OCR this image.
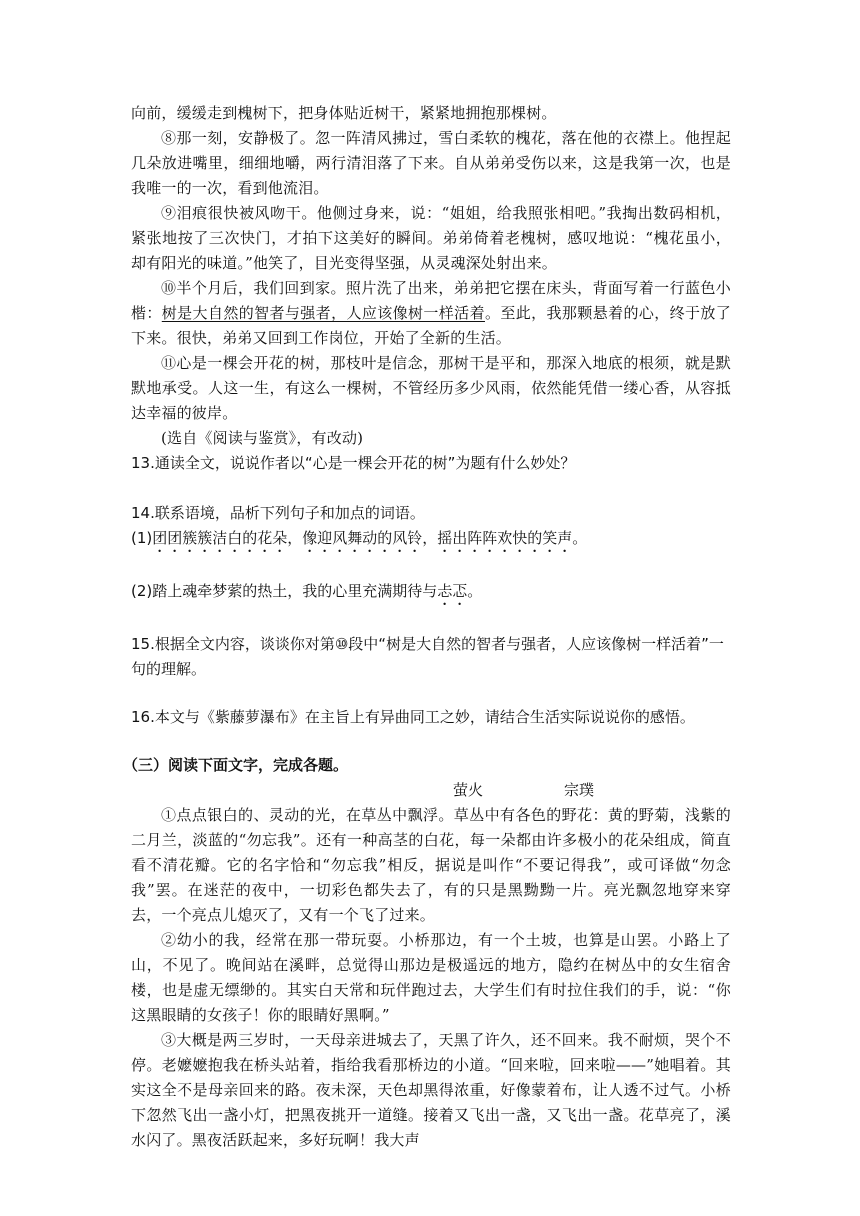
向前，缓缓走到槐树下，把身体贴近树干，紧紧地拥抱那棵树。

⑧那一刻，安静极了。忽一阵清风拂过，雪白柔软的槐花，落在他的衣襟上。他捏起几朵放进嘴里，细细地嚼，两行清泪落了下来。自从弟弟受伤以来，这是我第一次，也是我唯一的一次，看到他流泪。

⑨泪痕很快被风吻干。他侧过身来，说：“姐姐，给我照张相吧。”我掏出数码相机，紧张地按了三次快门，才拍下这美好的瞬间。弟弟倚着老槐树，感叹地说：“槐花虽小，却有阳光的味道。”他笑了，目光变得坚强，从灵魂深处射出来。

⑩半个月后，我们回到家。照片洗了出来，弟弟把它摆在床头，背面写着一行蓝色小楷：树是大自然的智者与强者，人应该像树一样活着。至此，我那颗悬着的心，终于放了下来。很快，弟弟又回到工作岗位，开始了全新的生活。

⑪心是一棵会开花的树，那枝叶是信念，那树干是平和，那深入地底的根须，就是默默地承受。人这一生，有这么一棵树，不管经历多少风雨，依然能凭借一缕心香，从容抵达幸福的彼岸。

(选自《阅读与鉴赏》，有改动)

13.通读全文，说说作者以“心是一棵会开花的树”为题有什么妙处？

14.联系语境，品析下列句子和加点的词语。

(1)团团簇簇洁白的花朵，像迎风舞动的风铃，摇出阵阵欢快的笑声。

(2)踏上魂牵梦萦的热土，我的心里充满期待与忐忑。

15.根据全文内容，谈谈你对第⑩段中“树是大自然的智者与强者，人应该像树一样活着”一句的理解。

16.本文与《紫藤萝瀑布》在主旨上有异曲同工之妙，请结合生活实际说说你的感悟。

（三）阅读下面文字，完成各题。

萤火	宗璞

①点点银白的、灵动的光，在草丛中飘浮。草丛中有各色的野花：黄的野菊，浅紫的二月兰，淡蓝的“勿忘我”。还有一种高茎的白花，每一朵都由许多极小的花朵组成，简直看不清花瓣。它的名字恰和“勿忘我”相反，据说是叫作“不要记得我”，或可译做“勿念我”罢。在迷茫的夜中，一切彩色都失去了，有的只是黑黝黝一片。亮光飘忽地穿来穿去，一个亮点儿熄灭了，又有一个飞了过来。

②幼小的我，经常在那一带玩耍。小桥那边，有一个土坡，也算是山罢。小路上了山，不见了。晚间站在溪畔，总觉得山那边是极遥远的地方，隐约在树丛中的女生宿舍楼，也是虚无缥缈的。其实白天常和玩伴跑过去，大学生们有时拉住我们的手，说：“你这黑眼睛的女孩子！你的眼睛好黑啊。”

③大概是两三岁时，一天母亲进城去了，天黑了许久，还不回来。我不耐烦，哭个不停。老嬷嬷抱我在桥头站着，指给我看那桥边的小道。“回来啦，回来啦——”她唱着。其实这全不是母亲回来的路。夜未深，天色却黑得浓重，好像蒙着布，让人透不过气。小桥下忽然飞出一盏小灯，把黑夜挑开一道缝。接着又飞出一盏，又飞出一盏。花草亮了，溪水闪了。黑夜活跃起来，多好玩啊！我大声
